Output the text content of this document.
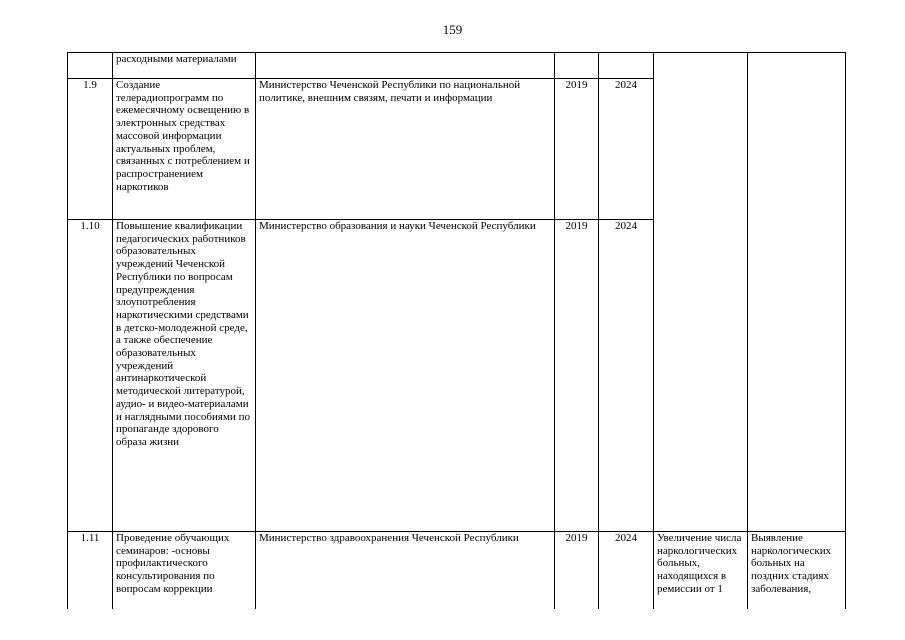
159
	расходными материалами					
1.9	Создание телерадиопрограмм по ежемесячному освещению в электронных средствах массовой информации актуальных проблем, связанных с потреблением и распространением наркотиков	Министерство Чеченской Республики по национальной политике, внешним связям, печати и информации	2019	2024		
1.10	Повышение квалификации педагогических работников образовательных учреждений Чеченской Республики по вопросам предупреждения злоупотребления наркотическими средствами в детско-молодежной среде, а также обеспечение образовательных учреждений антинаркотической методической литературой, аудио- и видео-материалами и наглядными пособиями по пропаганде здорового образа жизни	Министерство образования и науки Чеченской Республики	2019	2024		
1.11	Проведение обучающих семинаров: -основы профилактического консультирования по вопросам коррекции	Министерство здравоохранения Чеченской Республики	2019	2024	Увеличение числа наркологических больных, находящихся в ремиссии от 1	Выявление наркологических больных на поздних стадиях заболевания,
